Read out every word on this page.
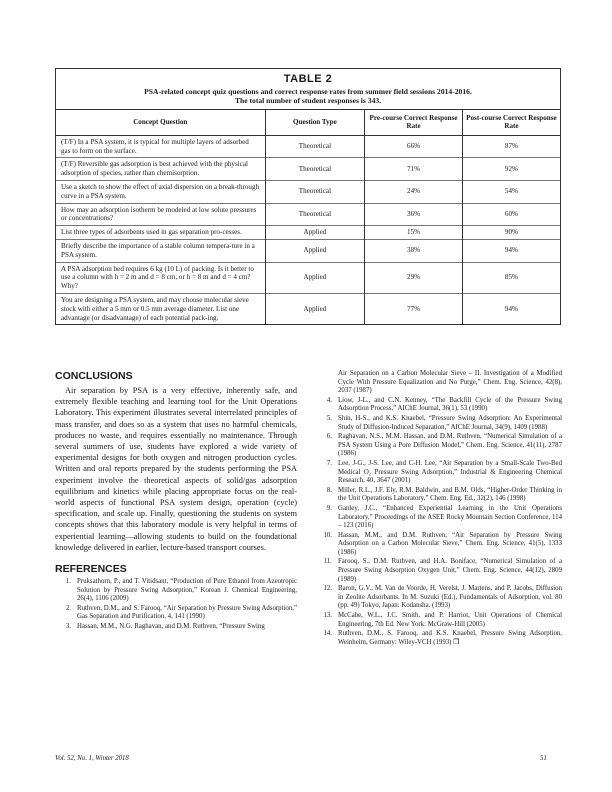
TABLE 2
PSA-related concept quiz questions and correct response rates from summer field sessions 2014-2016.
The total number of student responses is 343.
Concept Question	Question Type	Pre-course Correct Response Rate	Post-course Correct Response Rate
(T/F) In a PSA system, it is typical for multiple layers of adsorbed gas to form on the surface.	Theoretical	66%	87%
(T/F) Reversible gas adsorption is best achieved with the physical adsorption of species, rather than chemisorption.	Theoretical	71%	92%
Use a sketch to show the effect of axial dispersion on a break-through curve in a PSA system.	Theoretical	24%	54%
How may an adsorption isotherm be modeled at low solute pressures or concentrations?	Theoretical	36%	60%
List three types of adsorbents used in gas separation pro-cesses.	Applied	15%	90%
Briefly describe the importance of a stable column tempera-ture in a PSA system.	Applied	38%	94%
A PSA adsorption bed requires 6 kg (10 L) of packing. Is it better to use a column with h = 2 m and d = 8 cm, or h = 8 m and d = 4 cm? Why?	Applied	29%	85%
You are designing a PSA system, and may choose molecular sieve stock with either a 5 mm or 0.5 mm average diameter. List one advantage (or disadvantage) of each potential pack-ing.	Applied	77%	94%
CONCLUSIONS

Air separation by PSA is a very effective, inherently safe, and extremely flexible teaching and learning tool for the Unit Operations Laboratory. This experiment illustrates several interrelated principles of mass transfer, and does so as a system that uses no harmful chemicals, produces no waste, and requires essentially no maintenance. Through several summers of use, students have explored a wide variety of experimental designs for both oxygen and nitrogen production cycles. Written and oral reports prepared by the students performing the PSA experiment involve the theoretical aspects of solid/gas adsorption equilibrium and kinetics while placing appropriate focus on the real-world aspects of functional PSA system design, operation (cycle) specification, and scale up. Finally, questioning the students on system concepts shows that this laboratory module is very helpful in terms of experiential learning—allowing students to build on the foundational knowledge delivered in earlier, lecture-based transport courses.

REFERENCES
1. Pruksathorn, P., and T. Vitidsant, “Production of Pure Ethanol from Azeotropic Solution by Pressure Swing Adsorption,” Korean J. Chemical Engineering, 26(4), 1106 (2009)
2. Ruthven, D.M., and S. Farooq, “Air Separation by Pressure Swing Adsorption,” Gas Separation and Purification, 4, 141 (1990)
3. Hassan, M.M., N.G. Raghavan, and D.M. Ruthven, “Pressure Swing
Air Separation on a Carbon Molecular Sieve – II. Investigation of a Modified Cycle With Pressure Equalization and No Purge,” Chem. Eng. Science, 42(8), 2037 (1987)
4. Liow, J-L., and C.N. Kenney, “The Backfill Cycle of the Pressure Swing Adsorption Process,” AIChE Journal, 36(1), 53 (1990)
5. Shin, H-S., and K.S. Knaebel, “Pressure Swing Adsorption: An Experimental Study of Diffusion-Induced Separation,” AIChE Journal, 34(9), 1409 (1988)
6. Raghavan, N.S., M.M. Hassan, and D.M. Ruthven, “Numerical Simulation of a PSA System Using a Pore Diffusion Model,” Chem. Eng. Science, 41(11), 2787 (1986)
7. Lee, J-G., J-S. Lee, and C-H. Lee, “Air Separation by a Small-Scale Two-Bed Medical O₂ Pressure Swing Adsorption,” Industrial & Engineering Chemical Research, 40, 3647 (2001)
8. Miller, R.L., J.F. Ely, R.M. Baldwin, and B.M. Olds, “Higher-Order Thinking in the Unit Operations Laboratory,” Chem. Eng. Ed., 32(2), 146 (1998)
9. Ganley, J.C., “Enhanced Experiential Learning in the Unit Operations Laboratory,” Proceedings of the ASEE Rocky Mountain Section Conference, 114 – 123 (2016)
10. Hassan, M.M., and D.M. Ruthven, “Air Separation by Pressure Swing Adsorption on a Carbon Molecular Sieve,” Chem. Eng. Science, 41(5), 1333 (1986)
11. Farooq, S., D.M. Ruthven, and H.A. Boniface, “Numerical Simulation of a Pressure Swing Adsorption Oxygen Unit,” Chem. Eng. Science, 44(12), 2809 (1989)
12. Baron, G.V., M. Van de Voorde, H. Verelst, J. Martens, and P. Jacobs, Diffusion in Zeolite Adsorbants. In M. Suzuki (Ed.), Fundamentals of Adsorption, vol. 80 (pp. 49) Tokyo, Japan: Kodansha. (1993)
13. McCabe, W.L., J.C. Smith, and P. Harriot, Unit Operations of Chemical Engineering, 7th Ed. New York: McGraw-Hill (2005)
14. Ruthven, D.M., S. Farooq, and K.S. Knaebel, Pressure Swing Adsorption, Weinheim, Germany: Wiley-VCH (1993) ❐
Vol. 52, No. 1, Winter 2018	51
